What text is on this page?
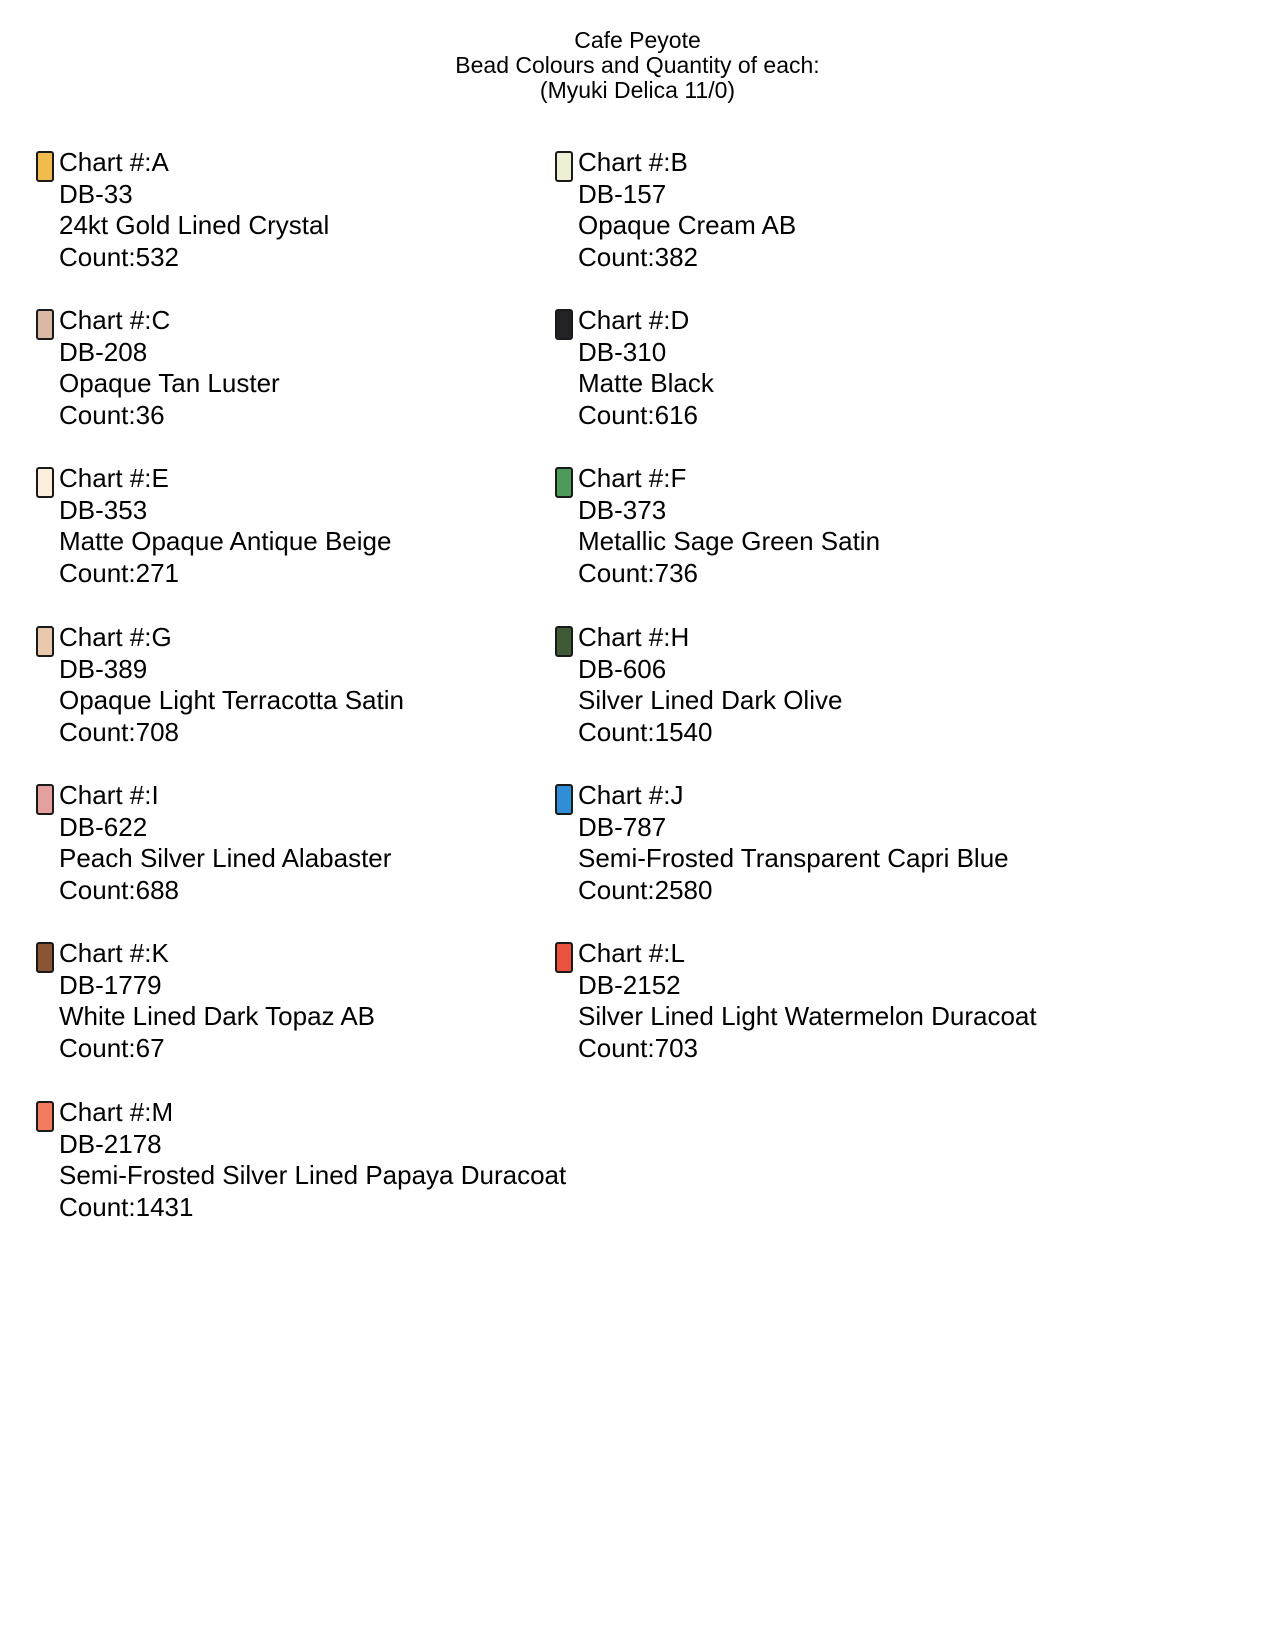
Cafe Peyote
Bead Colours and Quantity of each:
(Myuki Delica 11/0)
Chart #:A
DB-33
24kt Gold Lined Crystal
Count:532
Chart #:B
DB-157
Opaque Cream AB
Count:382
Chart #:C
DB-208
Opaque Tan Luster
Count:36
Chart #:D
DB-310
Matte Black
Count:616
Chart #:E
DB-353
Matte Opaque Antique Beige
Count:271
Chart #:F
DB-373
Metallic Sage Green Satin
Count:736
Chart #:G
DB-389
Opaque Light Terracotta Satin
Count:708
Chart #:H
DB-606
Silver Lined Dark Olive
Count:1540
Chart #:I
DB-622
Peach Silver Lined Alabaster
Count:688
Chart #:J
DB-787
Semi-Frosted Transparent Capri Blue
Count:2580
Chart #:K
DB-1779
White Lined Dark Topaz AB
Count:67
Chart #:L
DB-2152
Silver Lined Light Watermelon Duracoat
Count:703
Chart #:M
DB-2178
Semi-Frosted Silver Lined Papaya Duracoat
Count:1431
